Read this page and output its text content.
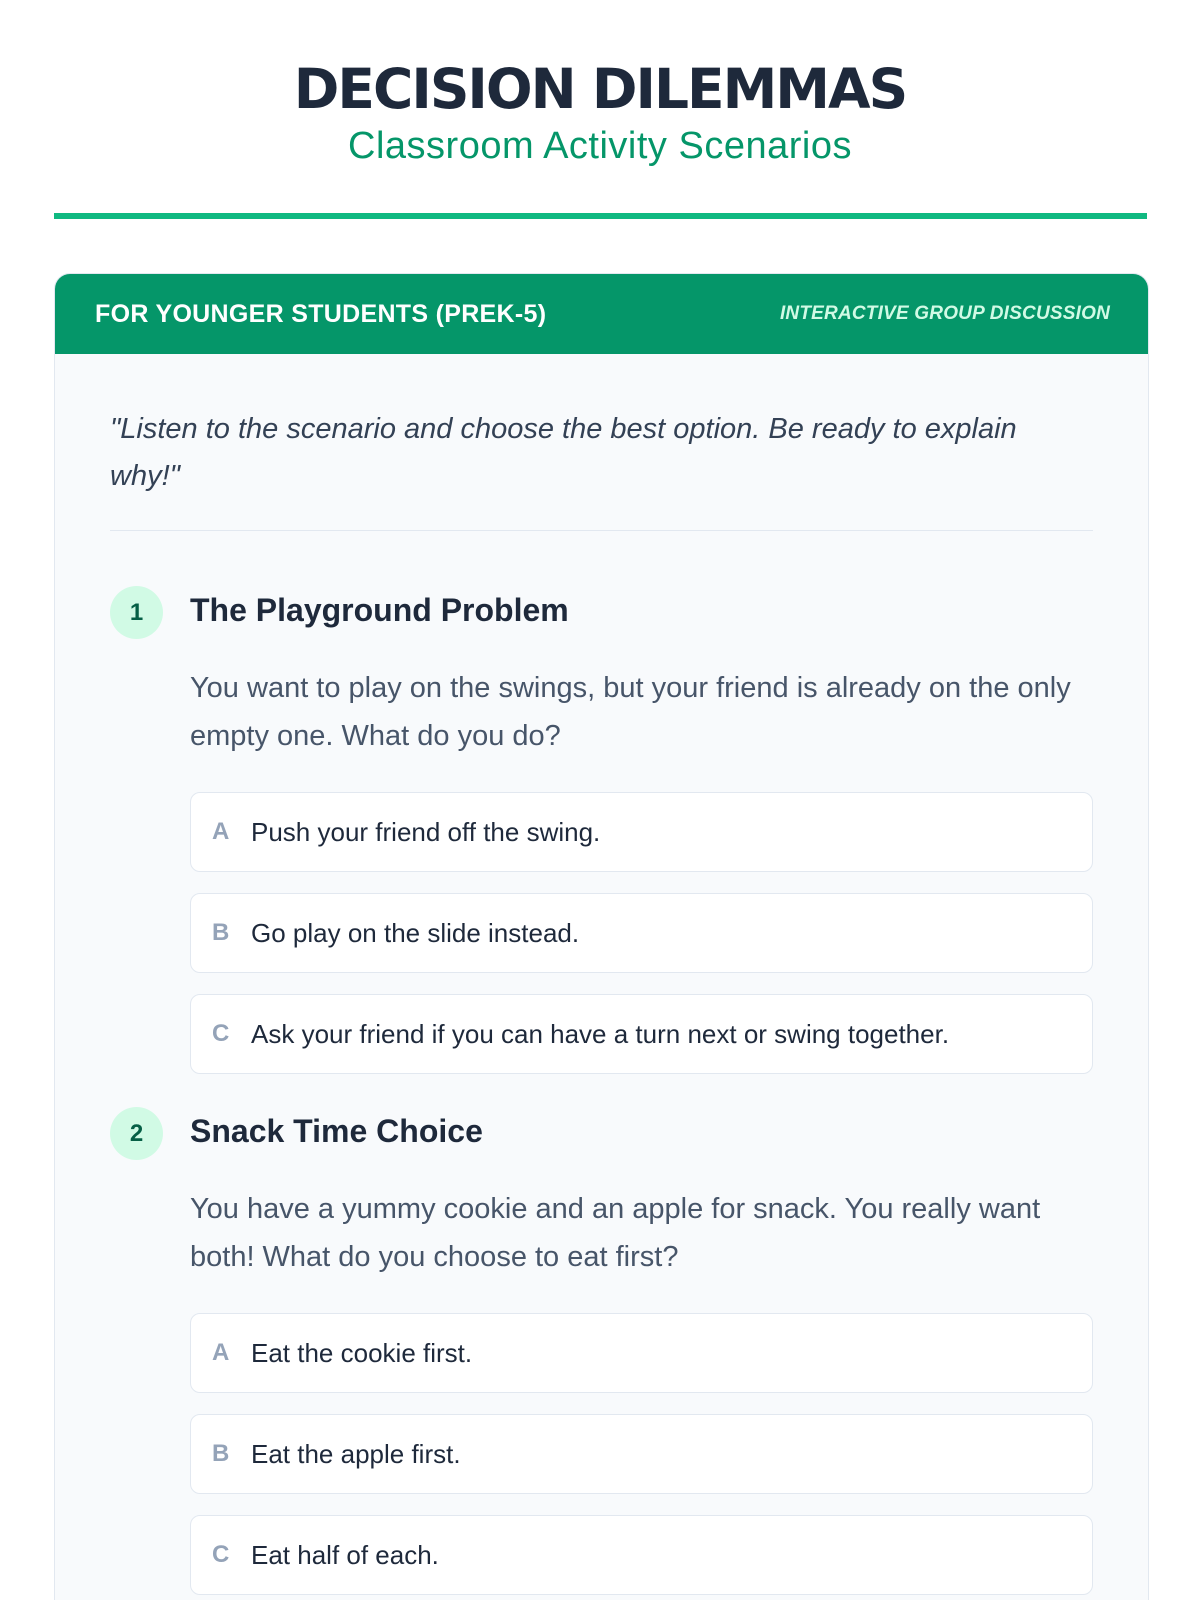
DECISION DILEMMAS
Classroom Activity Scenarios
FOR YOUNGER STUDENTS (PREK-5)	INTERACTIVE GROUP DISCUSSION
"Listen to the scenario and choose the best option. Be ready to explain why!"
1	The Playground Problem
You want to play on the swings, but your friend is already on the only empty one. What do you do?
A Push your friend off the swing.
B Go play on the slide instead.
C Ask your friend if you can have a turn next or swing together.
2	Snack Time Choice
You have a yummy cookie and an apple for snack. You really want both! What do you choose to eat first?
A Eat the cookie first.
B Eat the apple first.
C Eat half of each.
